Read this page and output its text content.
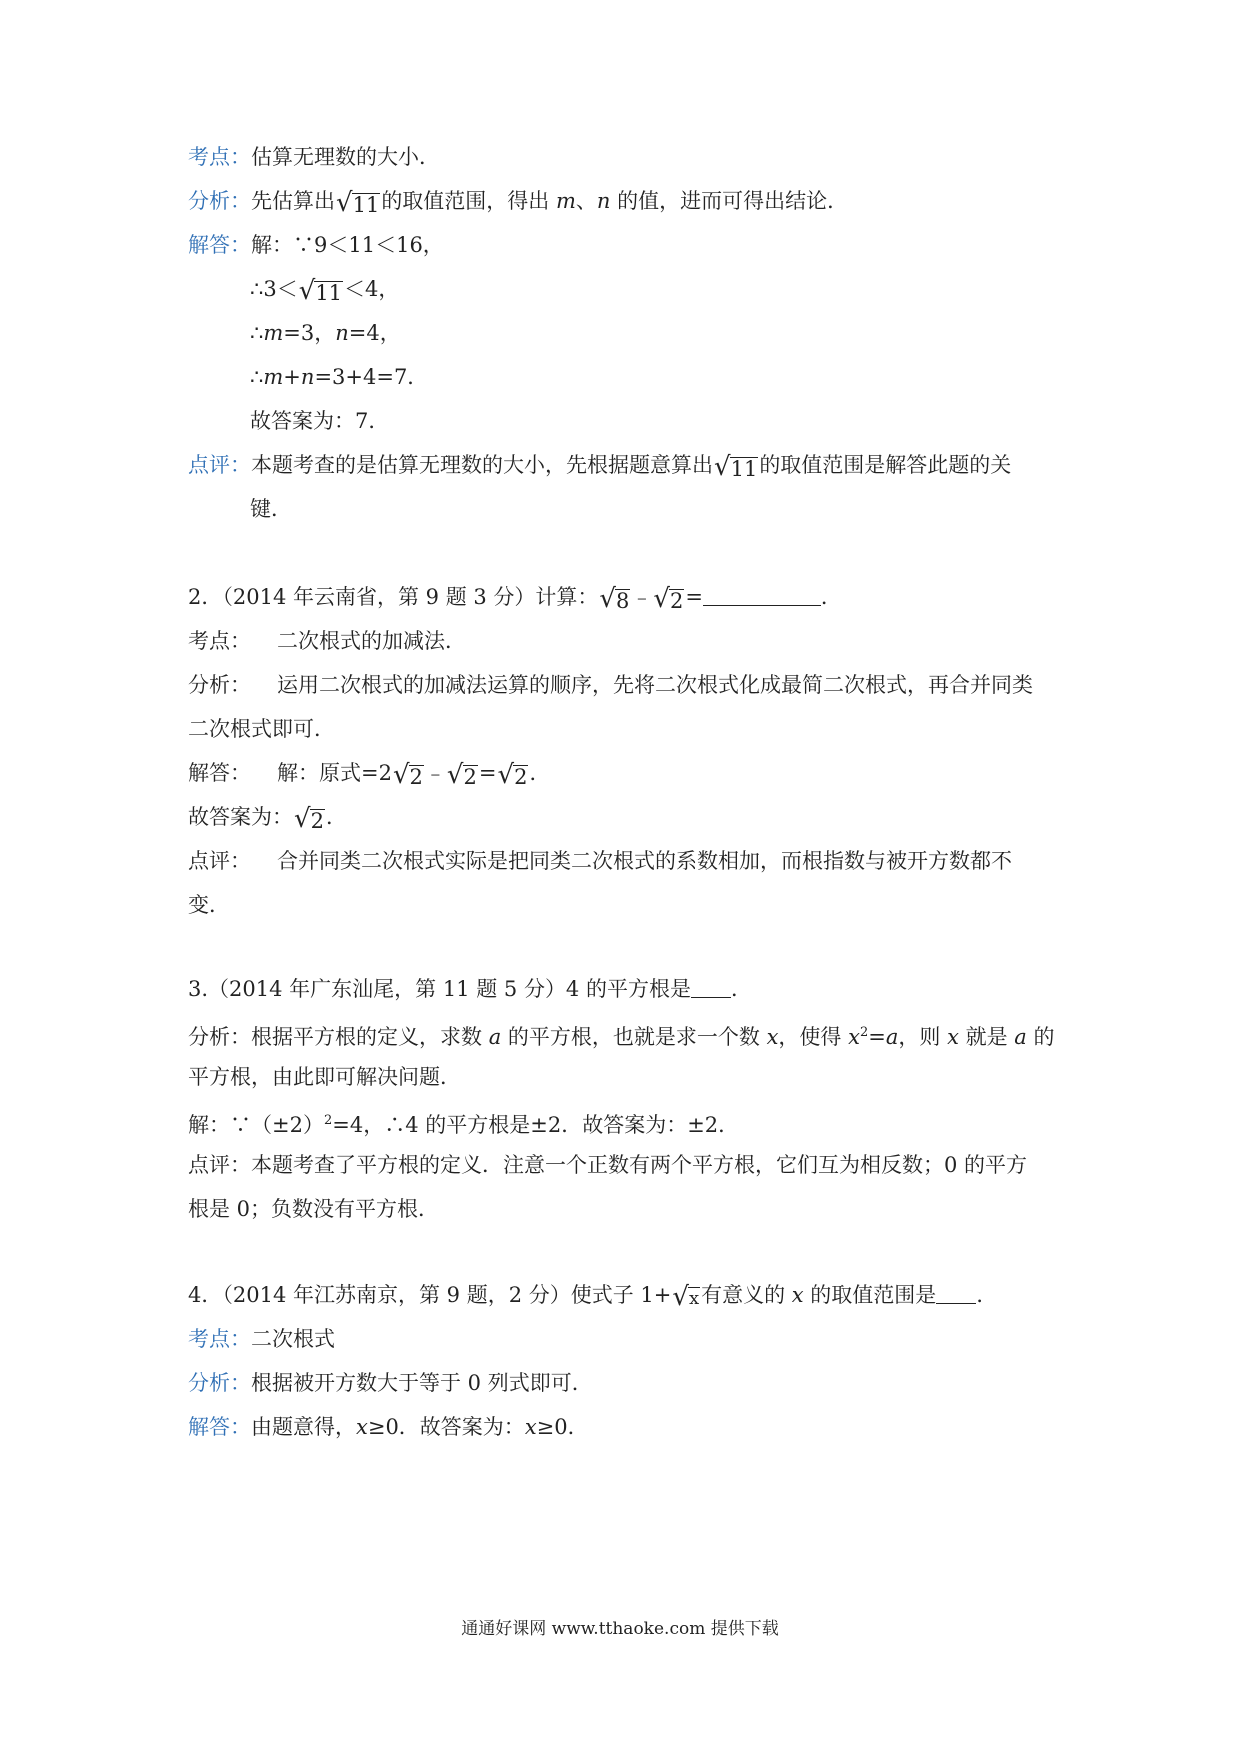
考点：估算无理数的大小．
分析：先估算出 √ 11 的取值范围，得出 m、n 的值，进而可得出结论．
解答：解：∵9＜11＜16，
∴3＜ √ 11 ＜4，
∴m=3，n=4，
∴m+n=3+4=7．
故答案为：7．
点评：本题考查的是估算无理数的大小，先根据题意算出 √ 11 的取值范围是解答此题的关
键．
2．（2014 年云南省，第 9 题 3 分）计算： √ 8 ﹣ √ 2 =	．
考点： 二次根式的加减法．
分析： 运用二次根式的加减法运算的顺序，先将二次根式化成最简二次根式，再合并同类
二次根式即可．
解答： 解：原式=2 √ 2 ﹣ √ 2 = √ 2 ．
故答案为： √ 2 ．
点评： 合并同类二次根式实际是把同类二次根式的系数相加，而根指数与被开方数都不
变．
3.（2014 年广东汕尾，第 11 题 5 分）4 的平方根是 ．
分析：根据平方根的定义，求数 a 的平方根，也就是求一个数 x，使得 $x^2=a$，则 x 就是 a 的
平方根，由此即可解决问题．
解：$\because(\pm 2)^2=4$，∴4 的平方根是±2．故答案为：±2．
点评：本题考查了平方根的定义．注意一个正数有两个平方根，它们互为相反数；0 的平方
根是 0；负数没有平方根．
4．（2014 年江苏南京，第 9 题，2 分）使式子 1+ √ x 有意义的 x 的取值范围是 ．
考点：二次根式
分析：根据被开方数大于等于 0 列式即可．
解答：由题意得，x≥0．故答案为：x≥0．
通通好课网 www.tthaoke.com 提供下载
